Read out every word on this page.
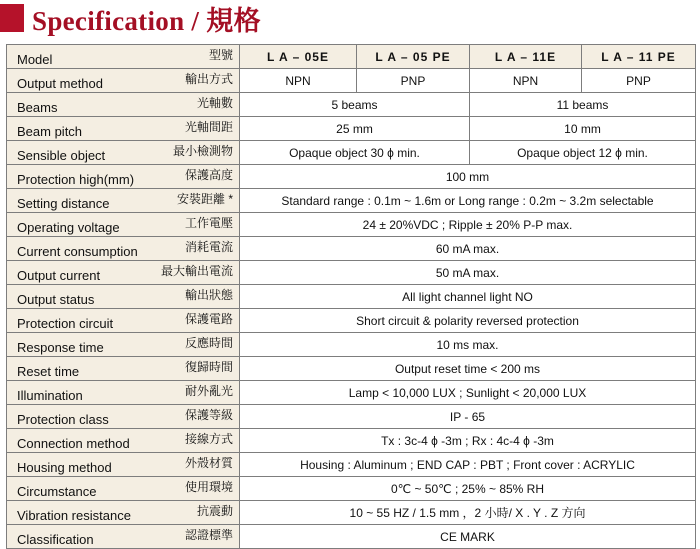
Specification / 規格
Model 型號	L A – 05E	L A – 05 PE	L A – 11E	L A – 11 PE

Output method 輸出方式	NPN	PNP	NPN	PNP

Beams 光軸數	5 beams		11 beams	

Beam pitch 光軸間距	25 mm		10 mm	

Sensible object 最小檢測物	Opaque object 30 ϕ min.		Opaque object 12 ϕ min.	

Protection high(mm) 保護高度	100 mm			

Setting distance 安裝距離 *	Standard range : 0.1m ~ 1.6m or Long range : 0.2m ~ 3.2m selectable			

Operating voltage 工作電壓	24 ± 20%VDC ; Ripple ± 20% P-P max.			

Current consumption 消耗電流	60 mA max.			

Output current 最大輸出電流	50 mA max.			

Output status 輸出狀態	All light channel light NO			

Protection circuit 保護電路	Short circuit & polarity reversed protection			

Response time 反應時間	10 ms max.			

Reset time 復歸時間	Output reset time < 200 ms			

Illumination 耐外亂光	Lamp < 10,000 LUX ; Sunlight < 20,000 LUX			

Protection class 保護等級	IP - 65			

Connection method 接線方式	Tx : 3c-4 ϕ -3m ; Rx : 4c-4 ϕ -3m			

Housing method 外殼材質	Housing : Aluminum ; END CAP : PBT ; Front cover : ACRYLIC			

Circumstance 使用環境	0℃ ~ 50℃ ; 25% ~ 85% RH			

Vibration resistance 抗震動	10 ~ 55 HZ / 1.5 mm ，2 小時/ X . Y . Z 方向			

Classification 認證標準	CE MARK			
